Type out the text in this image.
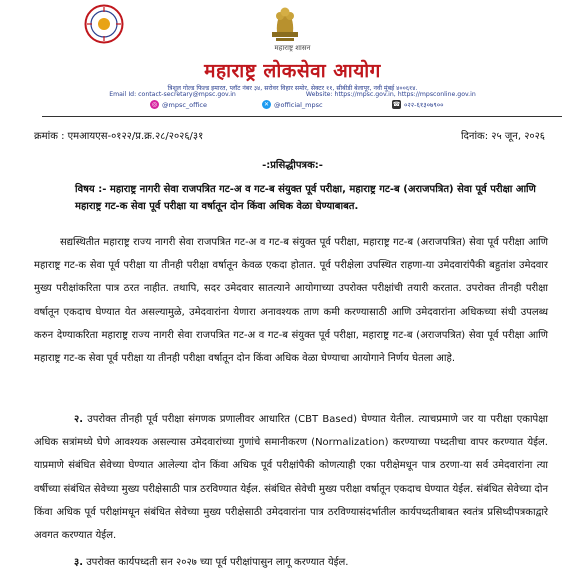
महाराष्ट्र शासन
महाराष्ट्र लोकसेवा आयोग
त्रिशूल गोल्ड फिल्ड इमारत, प्लॉट नंबर ३४, सरोवर विहार समोर, सेक्टर ११, सीबीडी बेलापूर, नवी मुंबई ४००६१४.
Email Id: contact-secretary@mpsc.gov.in	Website: https://mpsc.gov.in, https://mpsconline.gov.in
◎ @mpsc_office	✕ @official_mpsc	☎ ०२२-६१३०७९००
क्रमांक : एमआयएस-०१२२/प्र.क्र.२८/२०२६/३१	दिनांक: २५ जून, २०२६
-:प्रसिद्धीपत्रक:-
विषय :- महाराष्ट्र नागरी सेवा राजपत्रित गट-अ व गट-ब संयुक्त पूर्व परीक्षा, महाराष्ट्र गट-ब (अराजपत्रित) सेवा पूर्व परीक्षा आणि महाराष्ट्र गट-क सेवा पूर्व परीक्षा या वर्षातून दोन किंवा अधिक वेळा घेण्याबाबत.

सद्यस्थितीत महाराष्ट्र राज्य नागरी सेवा राजपत्रित गट-अ व गट-ब संयुक्त पूर्व परीक्षा, महाराष्ट्र गट-ब (अराजपत्रित) सेवा पूर्व परीक्षा आणि महाराष्ट्र गट-क सेवा पूर्व परीक्षा या तीनही परीक्षा वर्षातून केवळ एकदा होतात. पूर्व परीक्षेला उपस्थित राहणा-या उमेदवारांपैकी बहुतांश उमेदवार मुख्य परीक्षांकरिता पात्र ठरत नाहीत. तथापि, सदर उमेदवार सातत्याने आयोगाच्या उपरोक्त परीक्षांची तयारी करतात. उपरोक्त तीनही परीक्षा वर्षातून एकदाच घेण्यात येत असल्यामुळे, उमेदवारांना येणारा अनावश्यक ताण कमी करण्यासाठी आणि उमेदवारांना अधिकच्या संधी उपलब्ध करुन देण्याकरिता महाराष्ट्र राज्य नागरी सेवा राजपत्रित गट-अ व गट-ब संयुक्त पूर्व परीक्षा, महाराष्ट्र गट-ब (अराजपत्रित) सेवा पूर्व परीक्षा आणि महाराष्ट्र गट-क सेवा पूर्व परीक्षा या तीनही परीक्षा वर्षातून दोन किंवा अधिक वेळा घेण्याचा आयोगाने निर्णय घेतला आहे.

२. उपरोक्त तीनही पूर्व परीक्षा संगणक प्रणालीवर आधारित (CBT Based) घेण्यात येतील. त्याचप्रमाणे जर या परीक्षा एकापेक्षा अधिक सत्रांमध्ये घेणे आवश्यक असल्यास उमेदवारांच्या गुणांचे समानीकरण (Normalization) करण्याच्या पध्दतीचा वापर करण्यात येईल. याप्रमाणे संबंधित सेवेच्या घेण्यात आलेल्या दोन किंवा अधिक पूर्व परीक्षांपैकी कोणत्याही एका परीक्षेमधून पात्र ठरणा-या सर्व उमेदवारांना त्या वर्षीच्या संबंधित सेवेच्या मुख्य परीक्षेसाठी पात्र ठरविण्यात येईल. संबंधित सेवेची मुख्य परीक्षा वर्षातून एकदाच घेण्यात येईल. संबंधित सेवेच्या दोन किंवा अधिक पूर्व परीक्षांमधून संबंधित सेवेच्या मुख्य परीक्षेसाठी उमेदवारांना पात्र ठरविण्यासंदर्भातील कार्यपध्दतीबाबत स्वतंत्र प्रसिध्दीपत्रकाद्वारे अवगत करण्यात येईल.

३. उपरोक्त कार्यपध्दती सन २०२७ च्या पूर्व परीक्षांपासुन लागू करण्यात येईल.
